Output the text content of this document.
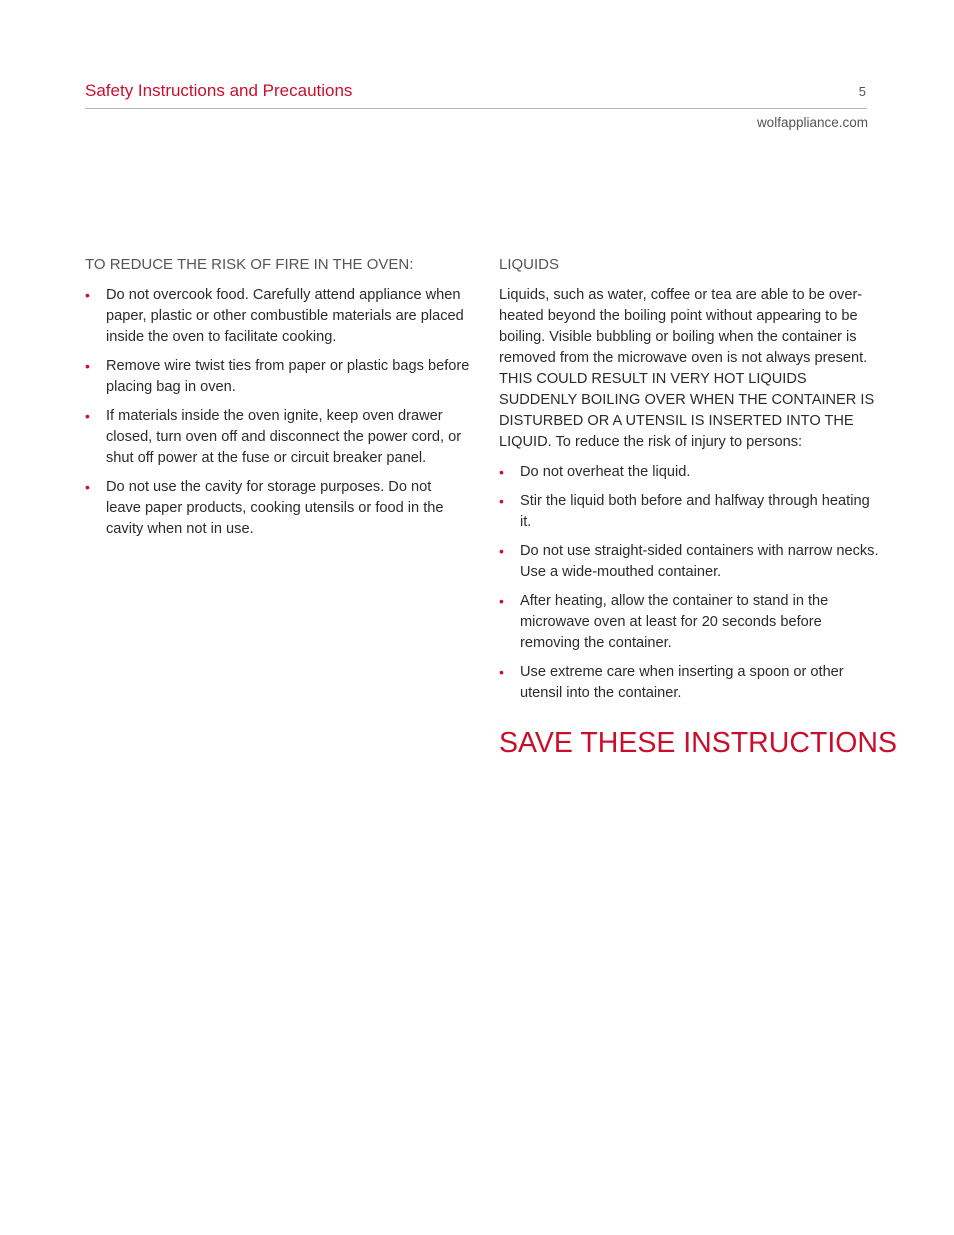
Safety Instructions and Precautions	5
wolfappliance.com
TO REDUCE THE RISK OF FIRE IN THE OVEN:
• Do not overcook food. Carefully attend appliance when paper, plastic or other combustible materials are placed inside the oven to facilitate cooking.
• Remove wire twist ties from paper or plastic bags before placing bag in oven.
• If materials inside the oven ignite, keep oven drawer closed, turn oven off and disconnect the power cord, or shut off power at the fuse or circuit breaker panel.
• Do not use the cavity for storage purposes. Do not leave paper products, cooking utensils or food in the cavity when not in use.
LIQUIDS

Liquids, such as water, coffee or tea are able to be over-heated beyond the boiling point without appearing to be boiling. Visible bubbling or boiling when the container is removed from the microwave oven is not always present. THIS COULD RESULT IN VERY HOT LIQUIDS SUDDENLY BOILING OVER WHEN THE CONTAINER IS DISTURBED OR A UTENSIL IS INSERTED INTO THE LIQUID. To reduce the risk of injury to persons:

• Do not overheat the liquid.
• Stir the liquid both before and halfway through heating it.
• Do not use straight-sided containers with narrow necks. Use a wide-mouthed container.
• After heating, allow the container to stand in the microwave oven at least for 20 seconds before removing the container.
• Use extreme care when inserting a spoon or other utensil into the container.
SAVE THESE INSTRUCTIONS
